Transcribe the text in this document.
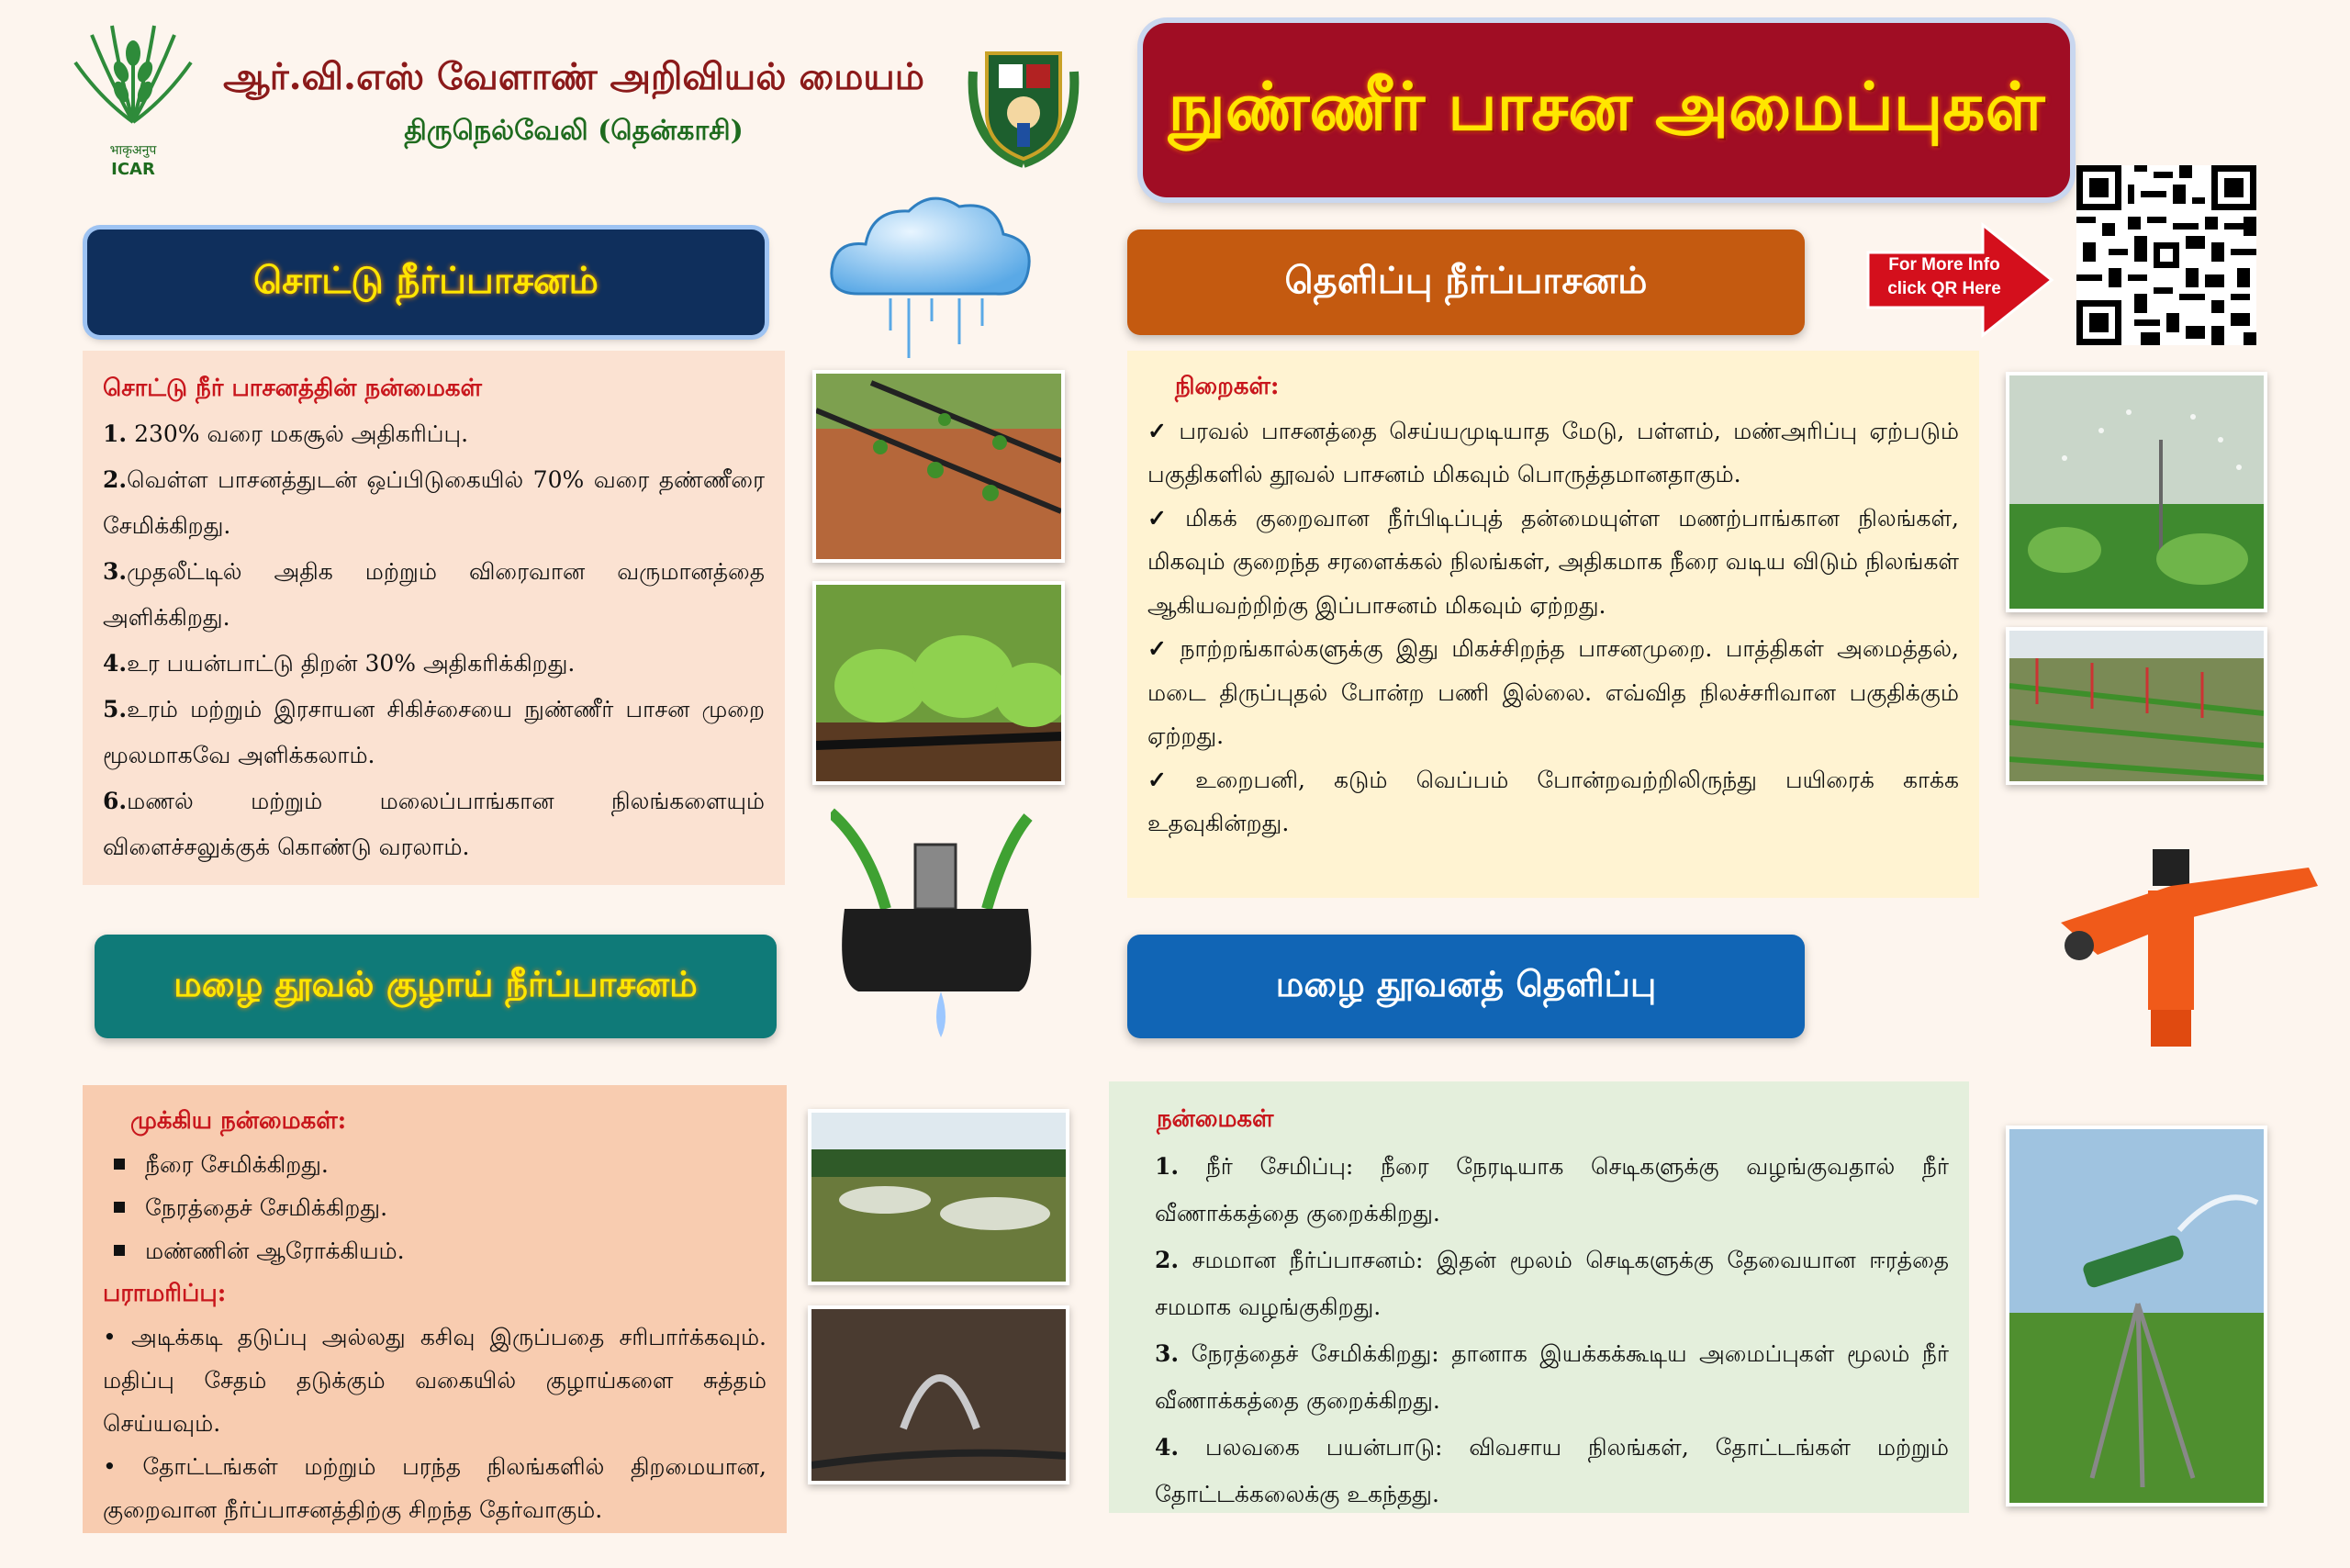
भाकृअनुप
ICAR
ஆர்.வி.எஸ் வேளாண் அறிவியல் மையம்
திருநெல்வேலி (தென்காசி)	நுண்ணீர் பாசன அமைப்புகள்
For More Info
click QR Here
சொட்டு நீர்ப்பாசனம்
சொட்டு நீர் பாசனத்தின் நன்மைகள்
1. 230% வரை மகசூல் அதிகரிப்பு.
2.வெள்ள பாசனத்துடன் ஒப்பிடுகையில் 70% வரை தண்ணீரை சேமிக்கிறது.
3.முதலீட்டில் அதிக மற்றும் விரைவான வருமானத்தை அளிக்கிறது.
4.உர பயன்பாட்டு திறன் 30% அதிகரிக்கிறது.
5.உரம் மற்றும் இரசாயன சிகிச்சையை நுண்ணீர் பாசன முறை மூலமாகவே அளிக்கலாம்.
6.மணல் மற்றும் மலைப்பாங்கான நிலங்களையும் விளைச்சலுக்குக் கொண்டு வரலாம்.
தெளிப்பு நீர்ப்பாசனம்
நிறைகள்:
✓ பரவல் பாசனத்தை செய்யமுடியாத மேடு, பள்ளம், மண்அரிப்பு ஏற்படும் பகுதிகளில் தூவல் பாசனம் மிகவும் பொருத்தமானதாகும்.
✓ மிகக் குறைவான நீர்பிடிப்புத் தன்மையுள்ள மணற்பாங்கான நிலங்கள், மிகவும் குறைந்த சரளைக்கல் நிலங்கள், அதிகமாக நீரை வடிய விடும் நிலங்கள் ஆகியவற்றிற்கு இப்பாசனம் மிகவும் ஏற்றது.
✓ நாற்றங்கால்களுக்கு இது மிகச்சிறந்த பாசனமுறை. பாத்திகள் அமைத்தல், மடை திருப்புதல் போன்ற பணி இல்லை. எவ்வித நிலச்சரிவான பகுதிக்கும் ஏற்றது.
✓ உறைபனி, கடும் வெப்பம் போன்றவற்றிலிருந்து பயிரைக் காக்க உதவுகின்றது.
மழை தூவல் குழாய் நீர்ப்பாசனம்
முக்கிய நன்மைகள்:
நீரை சேமிக்கிறது.
நேரத்தைச் சேமிக்கிறது.
மண்ணின் ஆரோக்கியம்.
பராமரிப்பு:
• அடிக்கடி தடுப்பு அல்லது கசிவு இருப்பதை சரிபார்க்கவும். மதிப்பு சேதம் தடுக்கும் வகையில் குழாய்களை சுத்தம் செய்யவும்.
• தோட்டங்கள் மற்றும் பரந்த நிலங்களில் திறமையான, குறைவான நீர்ப்பாசனத்திற்கு சிறந்த தேர்வாகும்.
மழை தூவனத் தெளிப்பு
நன்மைகள்
1. நீர் சேமிப்பு: நீரை நேரடியாக செடிகளுக்கு வழங்குவதால் நீர் வீணாக்கத்தை குறைக்கிறது.
2. சமமான நீர்ப்பாசனம்: இதன் மூலம் செடிகளுக்கு தேவையான ஈரத்தை சமமாக வழங்குகிறது.
3. நேரத்தைச் சேமிக்கிறது: தானாக இயக்கக்கூடிய அமைப்புகள் மூலம் நீர் வீணாக்கத்தை குறைக்கிறது.
4. பலவகை பயன்பாடு: விவசாய நிலங்கள், தோட்டங்கள் மற்றும் தோட்டக்கலைக்கு உகந்தது.
